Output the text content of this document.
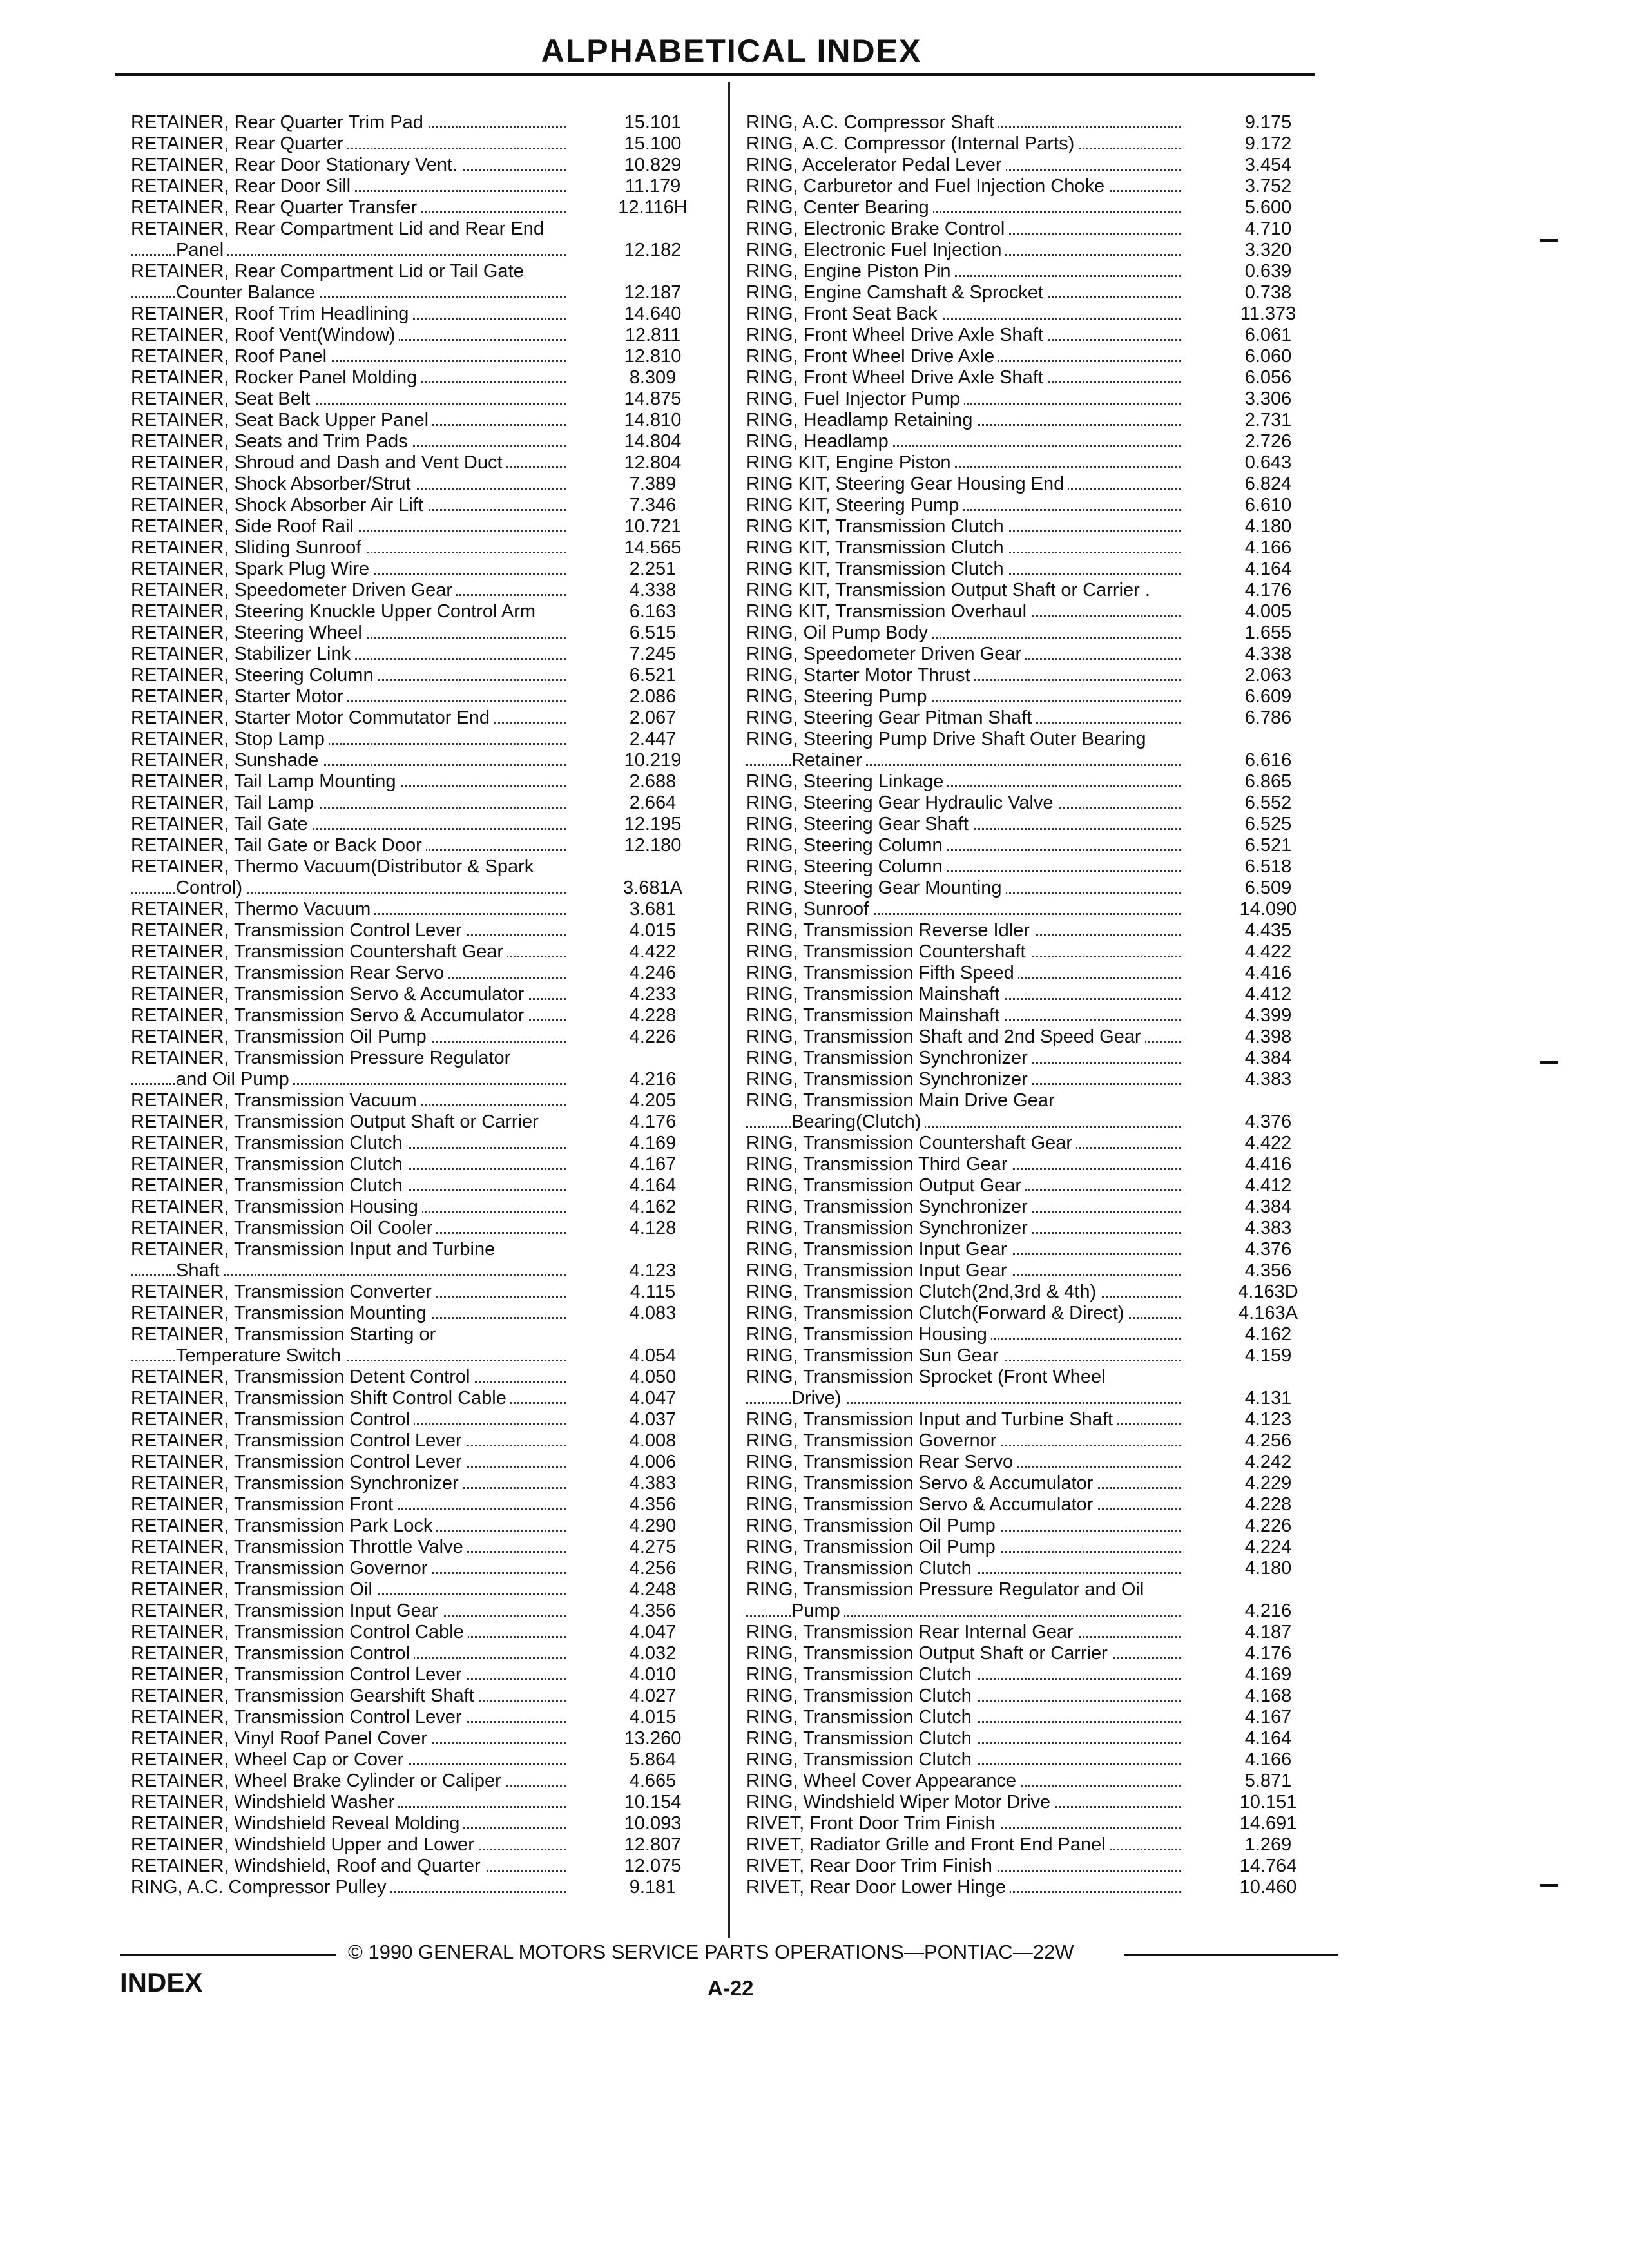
ALPHABETICAL INDEX
RETAINER, Rear Quarter Trim Pad	15.101
RETAINER, Rear Quarter	15.100
RETAINER, Rear Door Stationary Vent.	10.829
RETAINER, Rear Door Sill	11.179
RETAINER, Rear Quarter Transfer	12.116H
RETAINER, Rear Compartment Lid and Rear End
Panel	12.182
RETAINER, Rear Compartment Lid or Tail Gate
Counter Balance	12.187
RETAINER, Roof Trim Headlining	14.640
RETAINER, Roof Vent(Window)	12.811
RETAINER, Roof Panel	12.810
RETAINER, Rocker Panel Molding	8.309
RETAINER, Seat Belt	14.875
RETAINER, Seat Back Upper Panel	14.810
RETAINER, Seats and Trim Pads	14.804
RETAINER, Shroud and Dash and Vent Duct	12.804
RETAINER, Shock Absorber/Strut	7.389
RETAINER, Shock Absorber Air Lift	7.346
RETAINER, Side Roof Rail	10.721
RETAINER, Sliding Sunroof	14.565
RETAINER, Spark Plug Wire	2.251
RETAINER, Speedometer Driven Gear	4.338
RETAINER, Steering Knuckle Upper Control Arm	6.163
RETAINER, Steering Wheel	6.515
RETAINER, Stabilizer Link	7.245
RETAINER, Steering Column	6.521
RETAINER, Starter Motor	2.086
RETAINER, Starter Motor Commutator End	2.067
RETAINER, Stop Lamp	2.447
RETAINER, Sunshade	10.219
RETAINER, Tail Lamp Mounting	2.688
RETAINER, Tail Lamp	2.664
RETAINER, Tail Gate	12.195
RETAINER, Tail Gate or Back Door	12.180
RETAINER, Thermo Vacuum(Distributor & Spark
Control)	3.681A
RETAINER, Thermo Vacuum	3.681
RETAINER, Transmission Control Lever	4.015
RETAINER, Transmission Countershaft Gear	4.422
RETAINER, Transmission Rear Servo	4.246
RETAINER, Transmission Servo & Accumulator	4.233
RETAINER, Transmission Servo & Accumulator	4.228
RETAINER, Transmission Oil Pump	4.226
RETAINER, Transmission Pressure Regulator
and Oil Pump	4.216
RETAINER, Transmission Vacuum	4.205
RETAINER, Transmission Output Shaft or Carrier	4.176
RETAINER, Transmission Clutch	4.169
RETAINER, Transmission Clutch	4.167
RETAINER, Transmission Clutch	4.164
RETAINER, Transmission Housing	4.162
RETAINER, Transmission Oil Cooler	4.128
RETAINER, Transmission Input and Turbine
Shaft	4.123
RETAINER, Transmission Converter	4.115
RETAINER, Transmission Mounting	4.083
RETAINER, Transmission Starting or
Temperature Switch	4.054
RETAINER, Transmission Detent Control	4.050
RETAINER, Transmission Shift Control Cable	4.047
RETAINER, Transmission Control	4.037
RETAINER, Transmission Control Lever	4.008
RETAINER, Transmission Control Lever	4.006
RETAINER, Transmission Synchronizer	4.383
RETAINER, Transmission Front	4.356
RETAINER, Transmission Park Lock	4.290
RETAINER, Transmission Throttle Valve	4.275
RETAINER, Transmission Governor	4.256
RETAINER, Transmission Oil	4.248
RETAINER, Transmission Input Gear	4.356
RETAINER, Transmission Control Cable	4.047
RETAINER, Transmission Control	4.032
RETAINER, Transmission Control Lever	4.010
RETAINER, Transmission Gearshift Shaft	4.027
RETAINER, Transmission Control Lever	4.015
RETAINER, Vinyl Roof Panel Cover	13.260
RETAINER, Wheel Cap or Cover	5.864
RETAINER, Wheel Brake Cylinder or Caliper	4.665
RETAINER, Windshield Washer	10.154
RETAINER, Windshield Reveal Molding	10.093
RETAINER, Windshield Upper and Lower	12.807
RETAINER, Windshield, Roof and Quarter	12.075
RING, A.C. Compressor Pulley	9.181
RING, A.C. Compressor Shaft	9.175
RING, A.C. Compressor (Internal Parts)	9.172
RING, Accelerator Pedal Lever	3.454
RING, Carburetor and Fuel Injection Choke	3.752
RING, Center Bearing	5.600
RING, Electronic Brake Control	4.710
RING, Electronic Fuel Injection	3.320
RING, Engine Piston Pin	0.639
RING, Engine Camshaft & Sprocket	0.738
RING, Front Seat Back	11.373
RING, Front Wheel Drive Axle Shaft	6.061
RING, Front Wheel Drive Axle	6.060
RING, Front Wheel Drive Axle Shaft	6.056
RING, Fuel Injector Pump	3.306
RING, Headlamp Retaining	2.731
RING, Headlamp	2.726
RING KIT, Engine Piston	0.643
RING KIT, Steering Gear Housing End	6.824
RING KIT, Steering Pump	6.610
RING KIT, Transmission Clutch	4.180
RING KIT, Transmission Clutch	4.166
RING KIT, Transmission Clutch	4.164
RING KIT, Transmission Output Shaft or Carrier .	4.176
RING KIT, Transmission Overhaul	4.005
RING, Oil Pump Body	1.655
RING, Speedometer Driven Gear	4.338
RING, Starter Motor Thrust	2.063
RING, Steering Pump	6.609
RING, Steering Gear Pitman Shaft	6.786
RING, Steering Pump Drive Shaft Outer Bearing
Retainer	6.616
RING, Steering Linkage	6.865
RING, Steering Gear Hydraulic Valve	6.552
RING, Steering Gear Shaft	6.525
RING, Steering Column	6.521
RING, Steering Column	6.518
RING, Steering Gear Mounting	6.509
RING, Sunroof	14.090
RING, Transmission Reverse Idler	4.435
RING, Transmission Countershaft	4.422
RING, Transmission Fifth Speed	4.416
RING, Transmission Mainshaft	4.412
RING, Transmission Mainshaft	4.399
RING, Transmission Shaft and 2nd Speed Gear	4.398
RING, Transmission Synchronizer	4.384
RING, Transmission Synchronizer	4.383
RING, Transmission Main Drive Gear
Bearing(Clutch)	4.376
RING, Transmission Countershaft Gear	4.422
RING, Transmission Third Gear	4.416
RING, Transmission Output Gear	4.412
RING, Transmission Synchronizer	4.384
RING, Transmission Synchronizer	4.383
RING, Transmission Input Gear	4.376
RING, Transmission Input Gear	4.356
RING, Transmission Clutch(2nd,3rd & 4th)	4.163D
RING, Transmission Clutch(Forward & Direct)	4.163A
RING, Transmission Housing	4.162
RING, Transmission Sun Gear	4.159
RING, Transmission Sprocket (Front Wheel
Drive)	4.131
RING, Transmission Input and Turbine Shaft	4.123
RING, Transmission Governor	4.256
RING, Transmission Rear Servo	4.242
RING, Transmission Servo & Accumulator	4.229
RING, Transmission Servo & Accumulator	4.228
RING, Transmission Oil Pump	4.226
RING, Transmission Oil Pump	4.224
RING, Transmission Clutch	4.180
RING, Transmission Pressure Regulator and Oil
Pump	4.216
RING, Transmission Rear Internal Gear	4.187
RING, Transmission Output Shaft or Carrier	4.176
RING, Transmission Clutch	4.169
RING, Transmission Clutch	4.168
RING, Transmission Clutch	4.167
RING, Transmission Clutch	4.164
RING, Transmission Clutch	4.166
RING, Wheel Cover Appearance	5.871
RING, Windshield Wiper Motor Drive	10.151
RIVET, Front Door Trim Finish	14.691
RIVET, Radiator Grille and Front End Panel	1.269
RIVET, Rear Door Trim Finish	14.764
RIVET, Rear Door Lower Hinge	10.460
© 1990 GENERAL MOTORS SERVICE PARTS OPERATIONS—PONTIAC—22W
INDEX	A-22
